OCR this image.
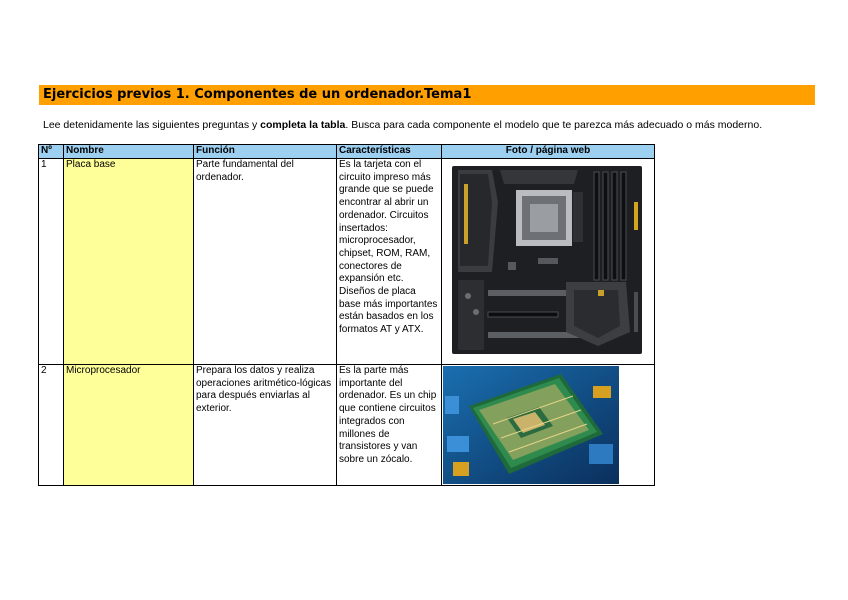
Ejercicios previos 1. Componentes de un ordenador.Tema1
Lee detenidamente las siguientes preguntas y completa la tabla. Busca para cada componente el modelo que te parezca más adecuado o más moderno.
Nº	Nombre	Función	Características	Foto / página web
1	Placa base	Parte fundamental del ordenador.	Es la tarjeta con el circuito impreso más grande que se puede encontrar al abrir un ordenador. Circuitos insertados: microprocesador, chipset, ROM, RAM, conectores de expansión etc. Diseños de placa base más importantes están basados en los formatos AT y ATX.	

2	Microprocesador	Prepara los datos y realiza operaciones aritmético-lógicas para después enviarlas al exterior.	Es la parte más importante del ordenador. Es un chip que contiene circuitos integrados con millones de transistores y van sobre un zócalo.	
